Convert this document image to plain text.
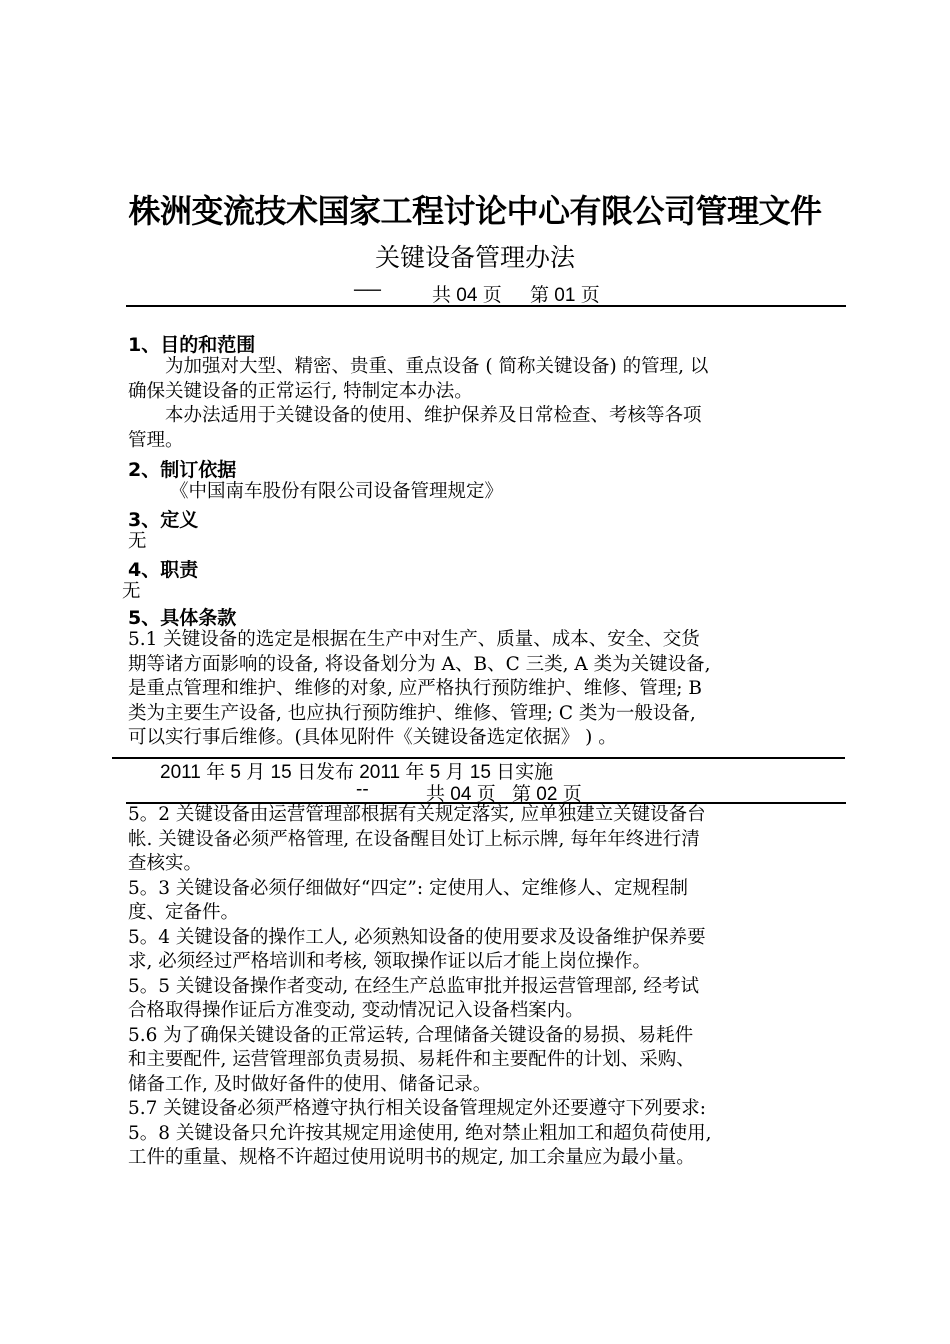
株洲变流技术国家工程讨论中心有限公司管理文件
关键设备管理办法
──	共 04 页 第 01 页
1、目的和范围
　　为加强对大型、精密、贵重、重点设备 ( 简称关键设备) 的管理, 以
确保关键设备的正常运行, 特制定本办法。
　　本办法适用于关键设备的使用、维护保养及日常检查、考核等各项
管理。
2、制订依据
《中国南车股份有限公司设备管理规定》
3、定义
无
4、职责
无
5、具体条款
5.1 关键设备的选定是根据在生产中对生产、质量、成本、安全、交货
期等诸方面影响的设备, 将设备划分为 A、B、C 三类, A 类为关键设备,
是重点管理和维护、维修的对象, 应严格执行预防维护、维修、管理; B
类为主要生产设备, 也应执行预防维护、维修、管理; C 类为一般设备,
可以实行事后维修。(具体见附件《关键设备选定依据》 ) 。
2011 年 5 月 15 日发布 2011 年 5 月 15 日实施
--	共 04 页 第 02 页
5。2 关键设备由运营管理部根据有关规定落实, 应单独建立关键设备台
帐. 关键设备必须严格管理, 在设备醒目处订上标示牌, 每年年终进行清
查核实。
5。3 关键设备必须仔细做好“四定”: 定使用人、定维修人、定规程制
度、定备件。
5。4 关键设备的操作工人, 必须熟知设备的使用要求及设备维护保养要
求, 必须经过严格培训和考核, 领取操作证以后才能上岗位操作。
5。5 关键设备操作者变动, 在经生产总监审批并报运营管理部, 经考试
合格取得操作证后方准变动, 变动情况记入设备档案内。
5.6 为了确保关键设备的正常运转, 合理储备关键设备的易损、易耗件
和主要配件, 运营管理部负责易损、易耗件和主要配件的计划、采购、
储备工作, 及时做好备件的使用、储备记录。
5.7 关键设备必须严格遵守执行相关设备管理规定外还要遵守下列要求:
5。8 关键设备只允许按其规定用途使用, 绝对禁止粗加工和超负荷使用,
工件的重量、规格不许超过使用说明书的规定, 加工余量应为最小量。
